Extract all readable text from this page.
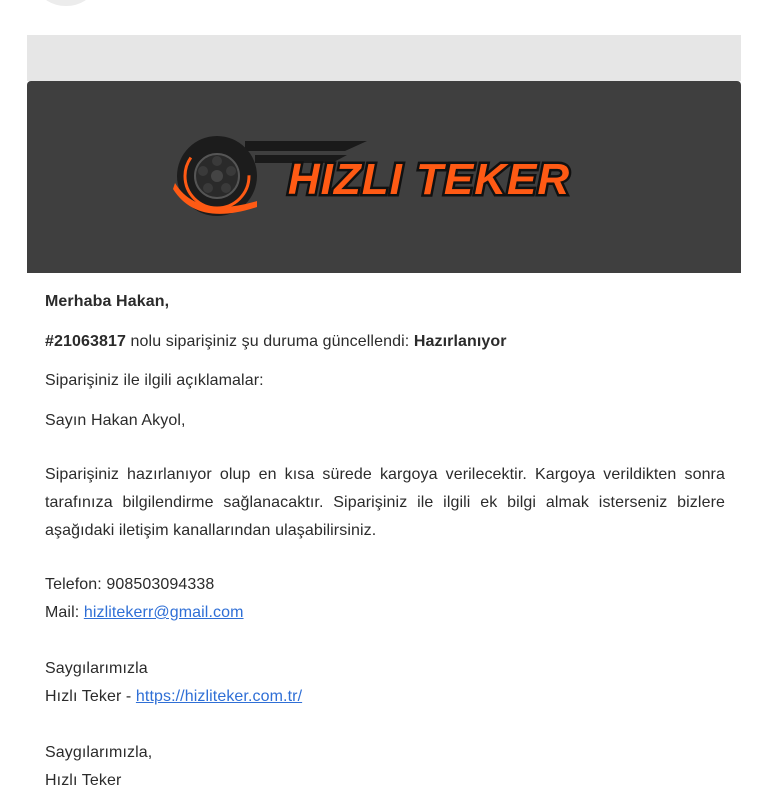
HIZLI TEKER

Merhaba Hakan,

#21063817 nolu siparişiniz şu duruma güncellendi: Hazırlanıyor

Siparişiniz ile ilgili açıklamalar:

Sayın Hakan Akyol,

Siparişiniz hazırlanıyor olup en kısa sürede kargoya verilecektir. Kargoya verildikten sonra tarafınıza bilgilendirme sağlanacaktır. Siparişiniz ile ilgili ek bilgi almak isterseniz bizlere aşağıdaki iletişim kanallarından ulaşabilirsiniz.

Telefon: 908503094338

Mail: hizlitekerr@gmail.com

Saygılarımızla

Hızlı Teker - https://hizliteker.com.tr/

Saygılarımızla,

Hızlı Teker
